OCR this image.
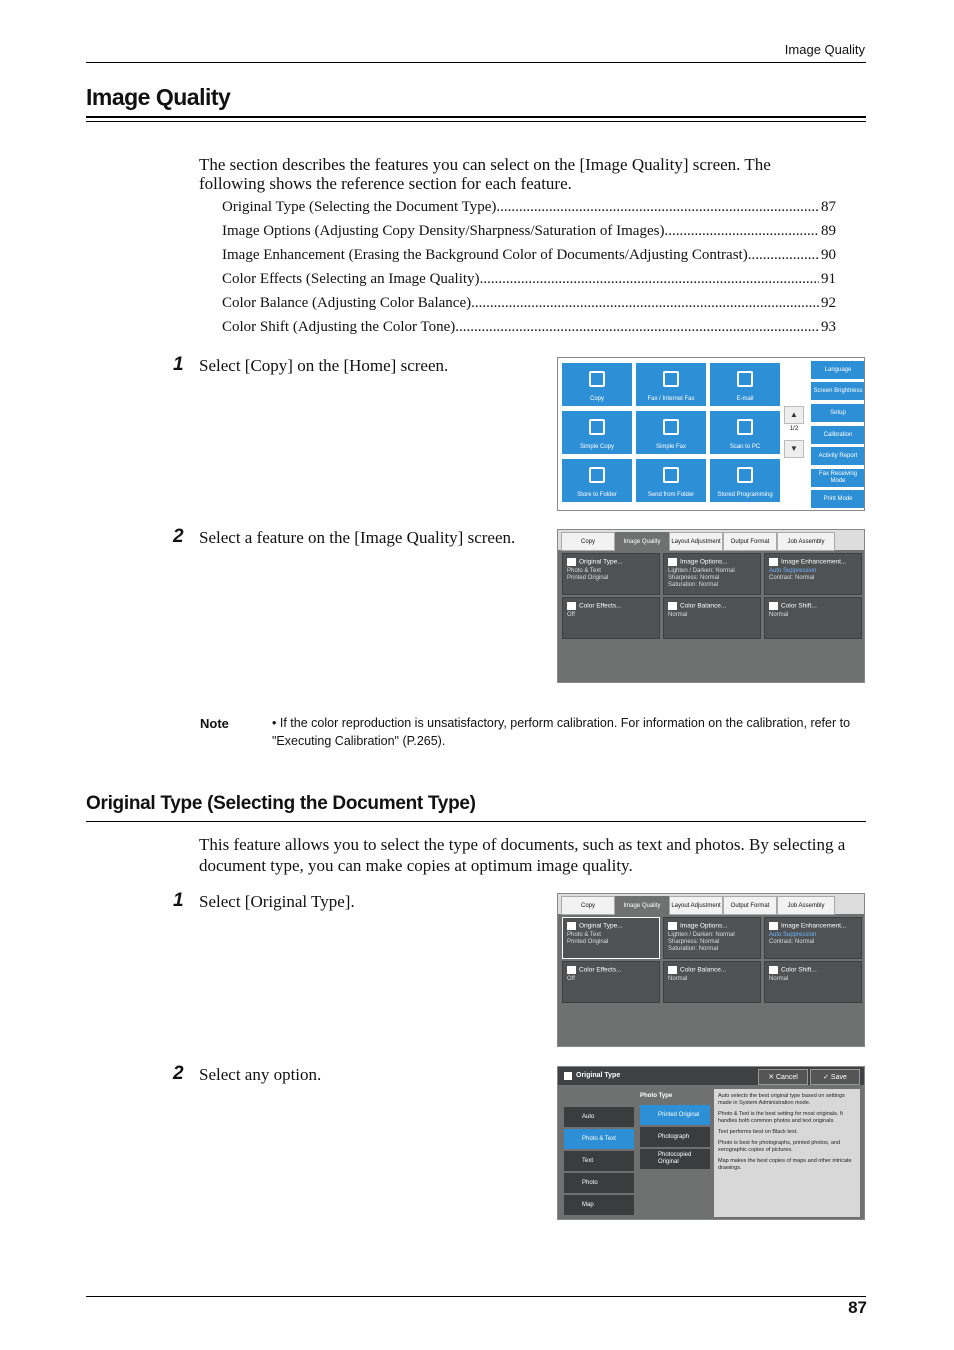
Image Quality
Image Quality
The section describes the features you can select on the [Image Quality] screen. The following shows the reference section for each feature.
Original Type (Selecting the Document Type) .....	87
Image Options (Adjusting Copy Density/Sharpness/Saturation of Images) .....	89
Image Enhancement (Erasing the Background Color of Documents/Adjusting Contrast) .....	90
Color Effects (Selecting an Image Quality) .....	91
Color Balance (Adjusting Color Balance) .....	92
Color Shift (Adjusting the Color Tone) .....	93
1 Select [Copy] on the [Home] screen.
Copy	Fax / Internet Fax	E-mail
Simple Copy	Simple Fax	Scan to PC
Store to Folder	Send from Folder	Stored Programming
▲
1/2
▼
Language
Screen Brightness
Setup
Calibration
Activity Report
Fax Receiving Mode
Print Mode
2 Select a feature on the [Image Quality] screen.	Copy	Image Quality	Layout Adjustment	Output Format	Job Assembly
Original Type...
Photo & Text
Printed Original
Image Options...
Lighten / Darken: Normal
Sharpness: Normal
Saturation: Normal
Image Enhancement...
Auto Suppression
Contrast: Normal
Color Effects...
Off
Color Balance...
Normal
Color Shift...
Normal
Note	• If the color reproduction is unsatisfactory, perform calibration. For information on the calibration, refer to "Executing Calibration" (P.265).
Original Type (Selecting the Document Type)
This feature allows you to select the type of documents, such as text and photos. By selecting a document type, you can make copies at optimum image quality.
1 Select [Original Type].	Copy	Image Quality	Layout Adjustment	Output Format	Job Assembly
Original Type...
Photo & Text
Printed Original
Image Options...
Lighten / Darken: Normal
Sharpness: Normal
Saturation: Normal
Image Enhancement...
Auto Suppression
Contrast: Normal
Color Effects...
Off
Color Balance...
Normal
Color Shift...
Normal
2 Select any option.	Original Type	✕ Cancel	✓ Save
Photo Type
Auto
Photo & Text
Text
Photo
Map
Printed Original
Photograph
Photocopied Original

Auto selects the best original type based on settings made in System Administration mode.

Photo & Text is the best setting for most originals. It handles both common photos and text originals.

Text performs best on Black text.

Photo is best for photographs, printed photos, and xerographic copies of pictures.

Map makes the best copies of maps and other intricate drawings.

87
